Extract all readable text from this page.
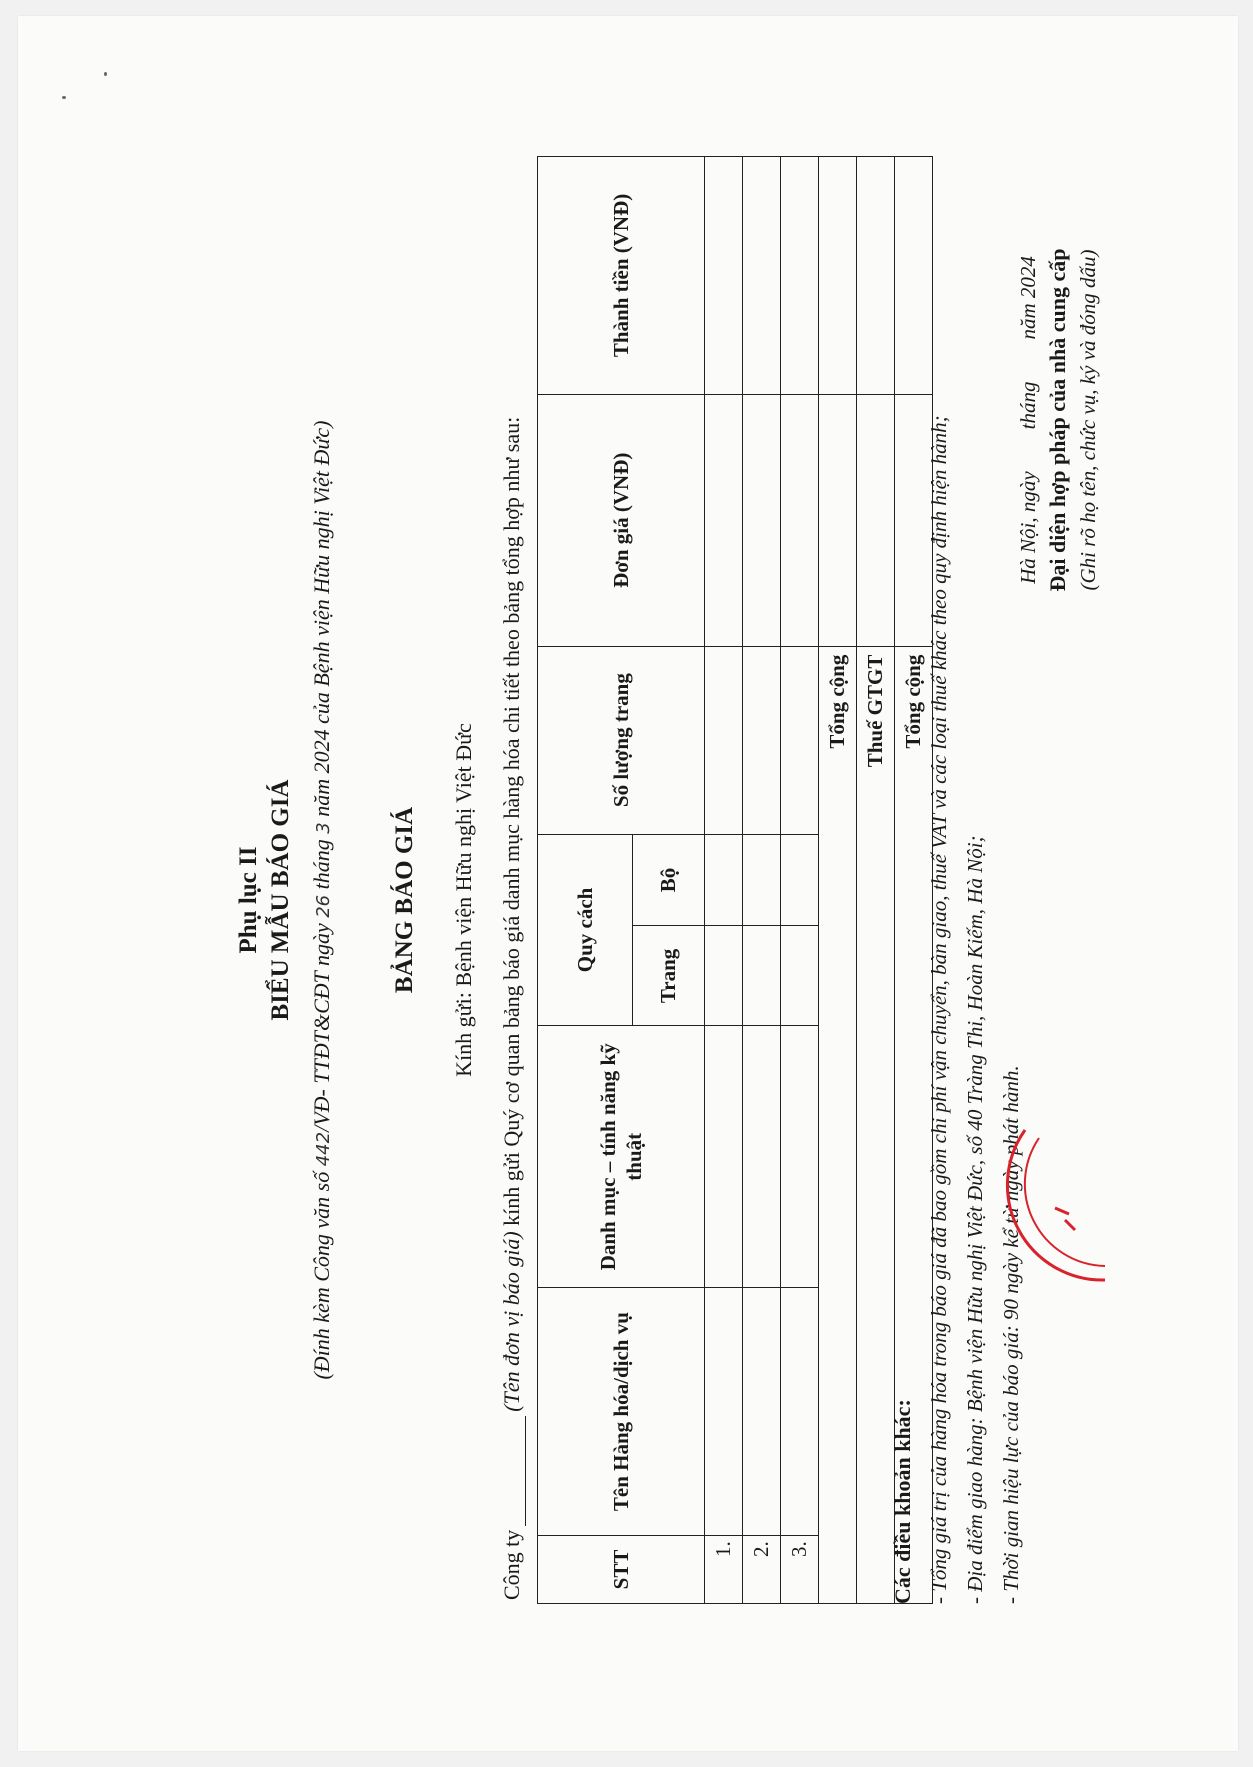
Phụ lục II BIỂU MẪU BÁO GIÁ
(Đính kèm Công văn số 442/VĐ- TTĐT&CĐT ngày 26 tháng 3 năm 2024 của Bệnh viện Hữu nghị Việt Đức)
BẢNG BÁO GIÁ Kính gửi: Bệnh viện Hữu nghị Việt Đức
Công ty (Tên đơn vị báo giá) kính gửi Quý cơ quan bảng báo giá danh mục hàng hóa chi tiết theo bảng tổng hợp như sau:
STT	Tên Hàng hóa/dịch vụ	Danh mục – tính năng kỹ thuật	Quy cách		Số lượng trang	Đơn giá (VNĐ)	Thành tiền (VNĐ)
			Trang	Bộ			
1.							
2.							
3.							
Tổng cộng							
Thuế GTGT							
Tổng cộng							
Các điều khoản khác: - Tổng giá trị của hàng hóa trong báo giá đã bao gồm chi phí vận chuyển, bàn giao, thuế VAT và các loại thuế khác theo quy định hiện hành; - Địa điểm giao hàng: Bệnh viện Hữu nghị Việt Đức, số 40 Tràng Thi, Hoàn Kiếm, Hà Nội; - Thời gian hiệu lực của báo giá: 90 ngày kể từ ngày phát hành.
Hà Nội, ngày        tháng        năm 2024 Đại diện hợp pháp của nhà cung cấp (Ghi rõ họ tên, chức vụ, ký và đóng dấu)
